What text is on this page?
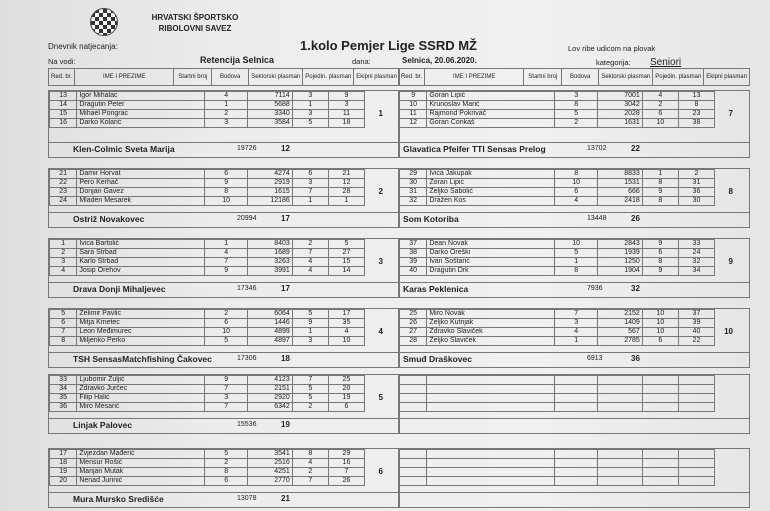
HRVATSKI ŠPORTSKO
RIBOLOVNI SAVEZ
1.kolo Pemjer Lige SSRD MŽ
Dnevnik natjecanja:
Na vodi:	Retencija Selnica	dana:	Selnica, 20.06.2020.
Lov ribe udicom na plovak
kategorija: Seniori
Red. br.	IME I PREZIME	Startni broj	Bodova	Sektorski plasman	Pojedin. plasman	Ekipni plasman
13	Igor Mihalac	4	7114	3	9
14	Dragutin Peter	1	5688	1	3
15	Mihael Pongrac	2	3340	3	11
16	Darko Kolarić	3	3584	5	18
1
Klen-Colmic Sveta Marija	19726	12
21	Damir Horvat	6	4274	6	21
22	Pero Kerhač	9	2919	3	12
23	Donjan Gavez	8	1615	7	28
24	Mladen Mesarek	10	12186	1	1
2
Ostriž Novakovec	20994	17
1	Ivica Bartolić	1	8403	2	5
2	Sara Strbad	4	1689	7	27
3	Karlo Strbad	7	3263	4	15
4	Josip Orehov	9	3991	4	14
3
Drava Donji Mihaljevec	17346	17
5	Želimir Pavlic	2	6064	5	17
6	Mitja Kmetec	6	1446	9	35
7	Leon Međimurec	10	4899	1	4
8	Miljenko Perko	5	4897	3	10
4
TSH SensasMatchfishing Čakovec	17306	18
33	Ljubomir Zuljić	9	4123	7	25
34	Zdravko Jurčec	7	2151	5	20
35	Filip Halić	3	2920	5	19
36	Miro Mesarić	7	6342	2	6
5
Linjak Palovec	15536	19
17	Zvjezdan Mađerić	5	3541	8	29
18	Mensur Rošić	2	2516	4	16
19	Marijan Mutak	8	4251	2	7
20	Nenad Jurinić	6	2770	7	26
6
Mura Mursko Središće	13078	21
Red. br.	IME I PREZIME	Startni broj	Bodova	Sektorski plasman	Pojedin. plasman	Ekipni plasman
9	Goran Lipić	3	7001	4	13
10	Krunoslav Marić	8	3042	2	8
11	Rajmond Pokrivač	5	2028	6	23
12	Goran Čonkaš	2	1631	10	38
7
Glavatica Pfeifer TTI Sensas Prelog	13702	22
29	Ivica Jakupak	8	8833	1	2
30	Zoran Lipić	10	1531	8	31
31	Željko Sabolić	6	666	9	36
32	Dražen Kos	4	2418	8	30
8
Som Kotoriba	13448	26
37	Dean Novak	10	2843	9	33
38	Darko Oreški	5	1939	6	24
39	Ivan Sоštarić	1	1250	8	32
40	Dragutin Drk	8	1904	9	34
9
Karas Peklenica	7936	32
25	Miro Novak	7	2152	10	37
26	Željko Kutnjak	3	1409	10	39
27	Zdravko Slaviček	4	567	10	40
28	Željko Slaviček	1	2785	6	22
10
Smuđ Draškovec	6913	36
